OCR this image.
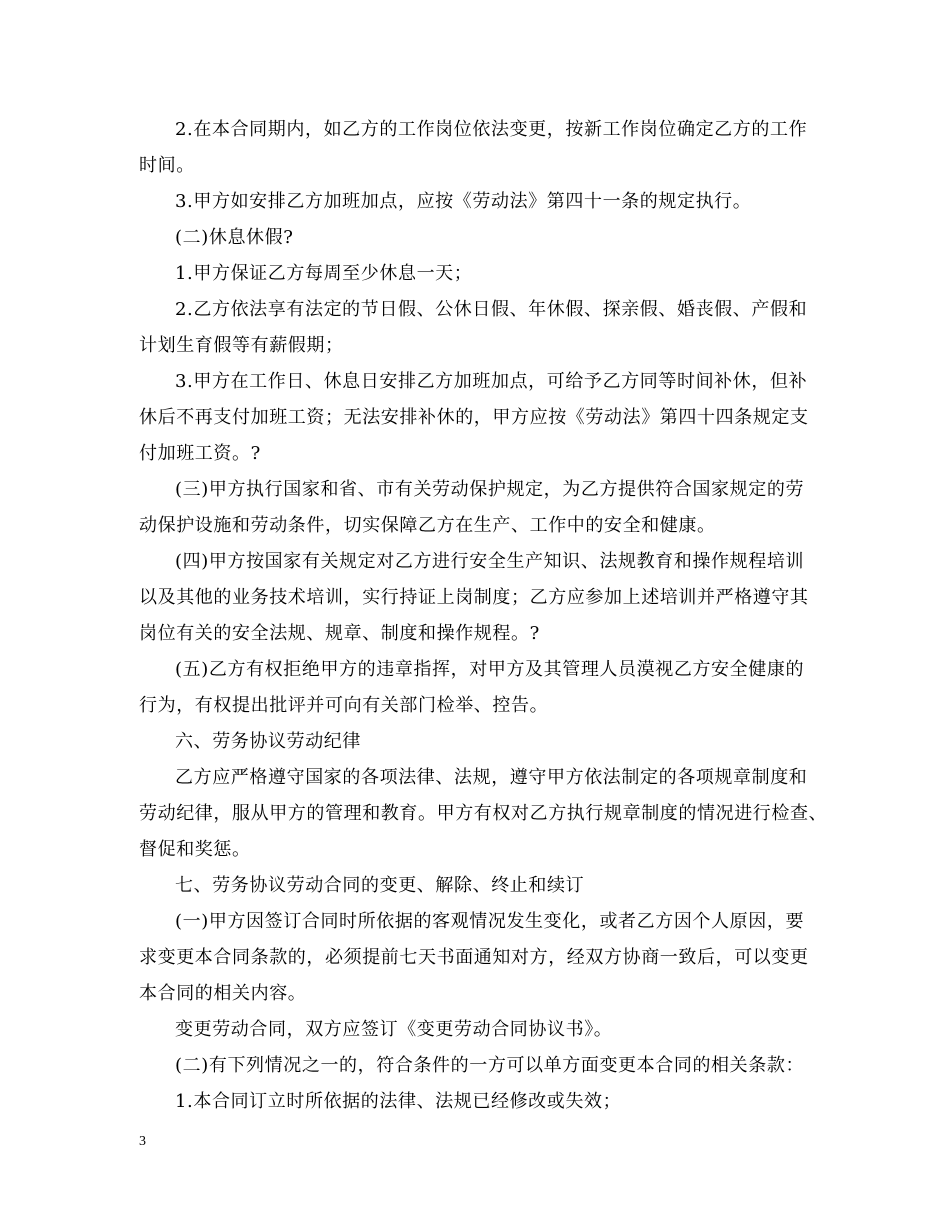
2.在本合同期内，如乙方的工作岗位依法变更，按新工作岗位确定乙方的工作
时间。
3.甲方如安排乙方加班加点，应按《劳动法》第四十一条的规定执行。
(二)休息休假?
1.甲方保证乙方每周至少休息一天；
2.乙方依法享有法定的节日假、公休日假、年休假、探亲假、婚丧假、产假和
计划生育假等有薪假期；
3.甲方在工作日、休息日安排乙方加班加点，可给予乙方同等时间补休，但补
休后不再支付加班工资；无法安排补休的，甲方应按《劳动法》第四十四条规定支
付加班工资。?
(三)甲方执行国家和省、市有关劳动保护规定，为乙方提供符合国家规定的劳
动保护设施和劳动条件，切实保障乙方在生产、工作中的安全和健康。
(四)甲方按国家有关规定对乙方进行安全生产知识、法规教育和操作规程培训
以及其他的业务技术培训，实行持证上岗制度；乙方应参加上述培训并严格遵守其
岗位有关的安全法规、规章、制度和操作规程。?
(五)乙方有权拒绝甲方的违章指挥，对甲方及其管理人员漠视乙方安全健康的
行为，有权提出批评并可向有关部门检举、控告。
六、劳务协议劳动纪律
乙方应严格遵守国家的各项法律、法规，遵守甲方依法制定的各项规章制度和
劳动纪律，服从甲方的管理和教育。甲方有权对乙方执行规章制度的情况进行检查、
督促和奖惩。
七、劳务协议劳动合同的变更、解除、终止和续订
(一)甲方因签订合同时所依据的客观情况发生变化，或者乙方因个人原因，要
求变更本合同条款的，必须提前七天书面通知对方，经双方协商一致后，可以变更
本合同的相关内容。
变更劳动合同，双方应签订《变更劳动合同协议书》。
(二)有下列情况之一的，符合条件的一方可以单方面变更本合同的相关条款：
1.本合同订立时所依据的法律、法规已经修改或失效；
3
